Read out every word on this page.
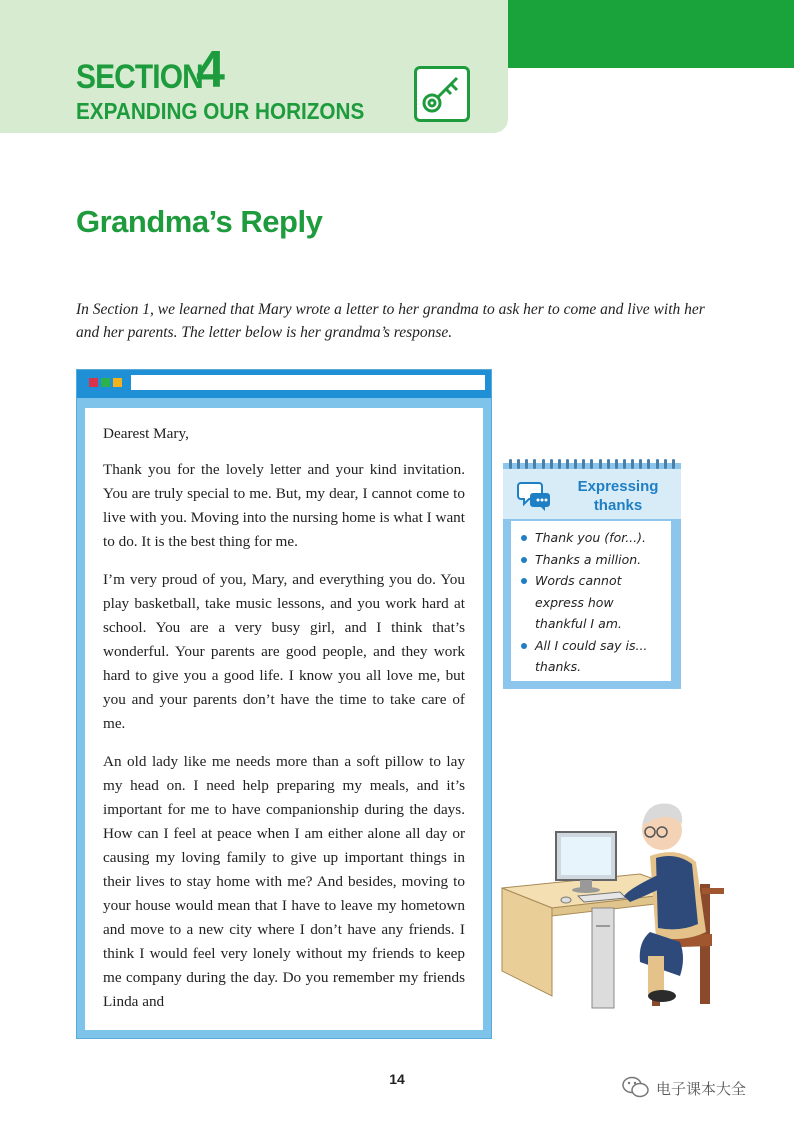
SECTION
4
EXPANDING OUR HORIZONS
Grandma’s Reply
In Section 1, we learned that Mary wrote a letter to her grandma to ask her to come and live with her and her parents. The letter below is her grandma’s response.

Dearest Mary,

Thank you for the lovely letter and your kind invitation. You are truly special to me. But, my dear, I cannot come to live with you. Moving into the nursing home is what I want to do. It is the best thing for me.

I’m very proud of you, Mary, and everything you do. You play basketball, take music lessons, and you work hard at school. You are a very busy girl, and I think that’s wonderful. Your parents are good people, and they work hard to give you a good life. I know you all love me, but you and your parents don’t have the time to take care of me.

An old lady like me needs more than a soft pillow to lay my head on. I need help preparing my meals, and it’s important for me to have companionship during the days. How can I feel at peace when I am either alone all day or causing my loving family to give up important things in their lives to stay home with me? And besides, moving to your house would mean that I have to leave my hometown and move to a new city where I don’t have any friends. I think I would feel very lonely without my friends to keep me company during the day. Do you remember my friends Linda and

Expressing
thanks
Thank you (for...).
Thanks a million.
Words cannot express how thankful I am.
All I could say is... thanks.
14
电子课本大全
